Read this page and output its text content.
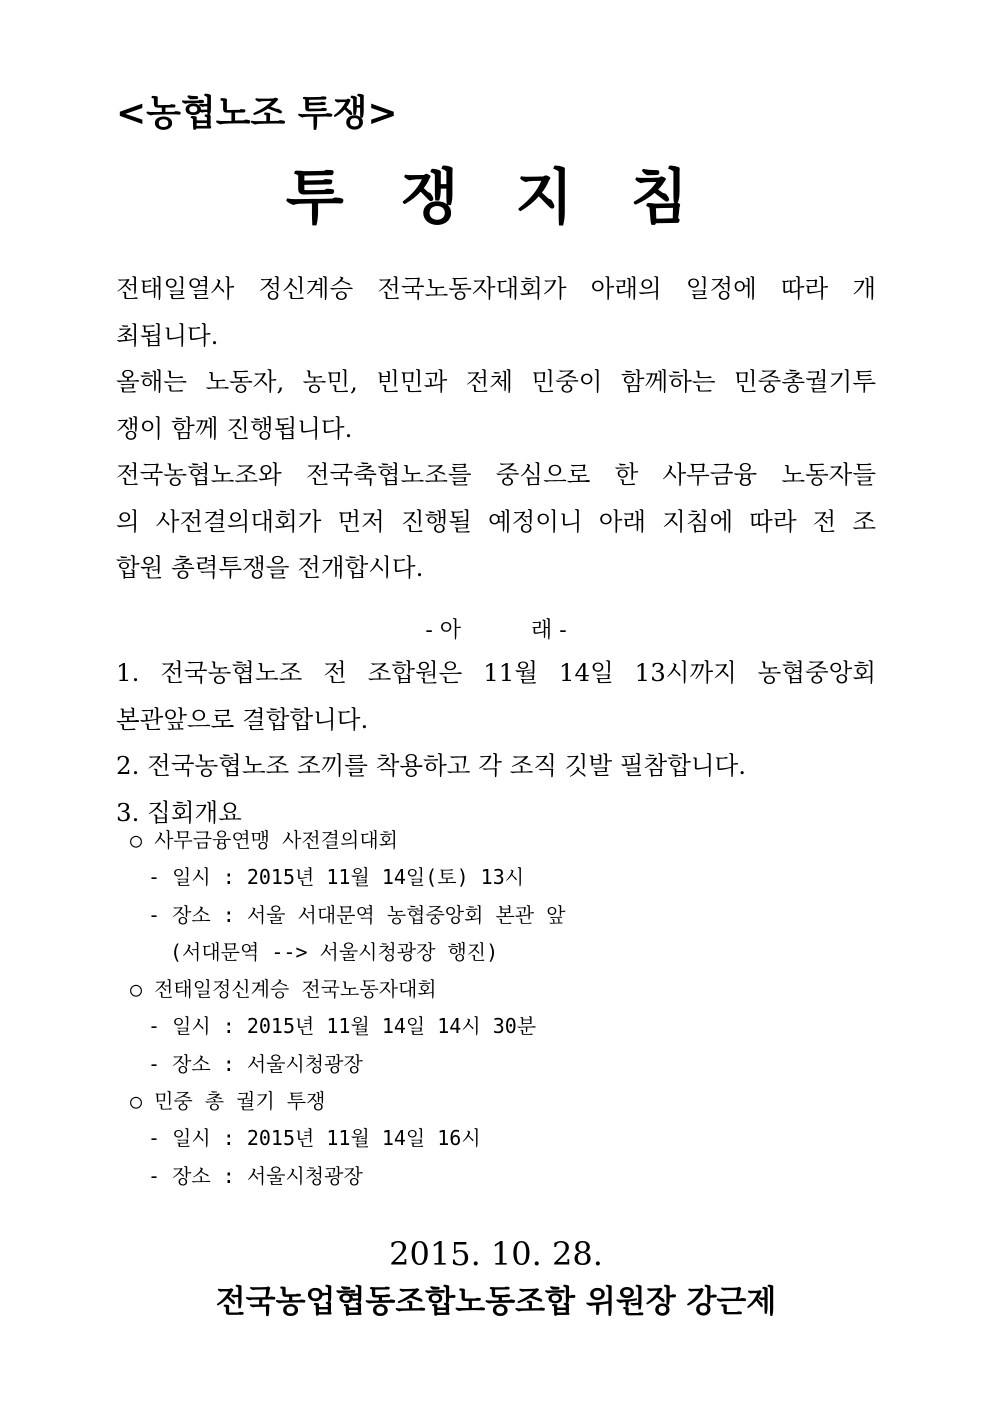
<농협노조 투쟁>
투 쟁 지 침
전태일열사 정신계승 전국노동자대회가 아래의 일정에 따라 개
최됩니다.
올해는 노동자, 농민, 빈민과 전체 민중이 함께하는 민중총궐기투
쟁이 함께 진행됩니다.
전국농협노조와 전국축협노조를 중심으로 한 사무금융 노동자들
의 사전결의대회가 먼저 진행될 예정이니 아래 지침에 따라 전 조
합원 총력투쟁을 전개합시다.
- 아	래 -
1. 전국농협노조 전 조합원은 11월 14일 13시까지 농협중앙회
본관앞으로 결합합니다.
2. 전국농협노조 조끼를 착용하고 각 조직 깃발 필참합니다.
3. 집회개요
○ 사무금융연맹 사전결의대회
- 일시 : 2015년 11월 14일(토) 13시
- 장소 : 서울 서대문역 농협중앙회 본관 앞
(서대문역 --> 서울시청광장 행진)
○ 전태일정신계승 전국노동자대회
- 일시 : 2015년 11월 14일 14시 30분
- 장소 : 서울시청광장
○ 민중 총 궐기 투쟁
- 일시 : 2015년 11월 14일 16시
- 장소 : 서울시청광장
2015. 10. 28.
전국농업협동조합노동조합 위원장 강근제
